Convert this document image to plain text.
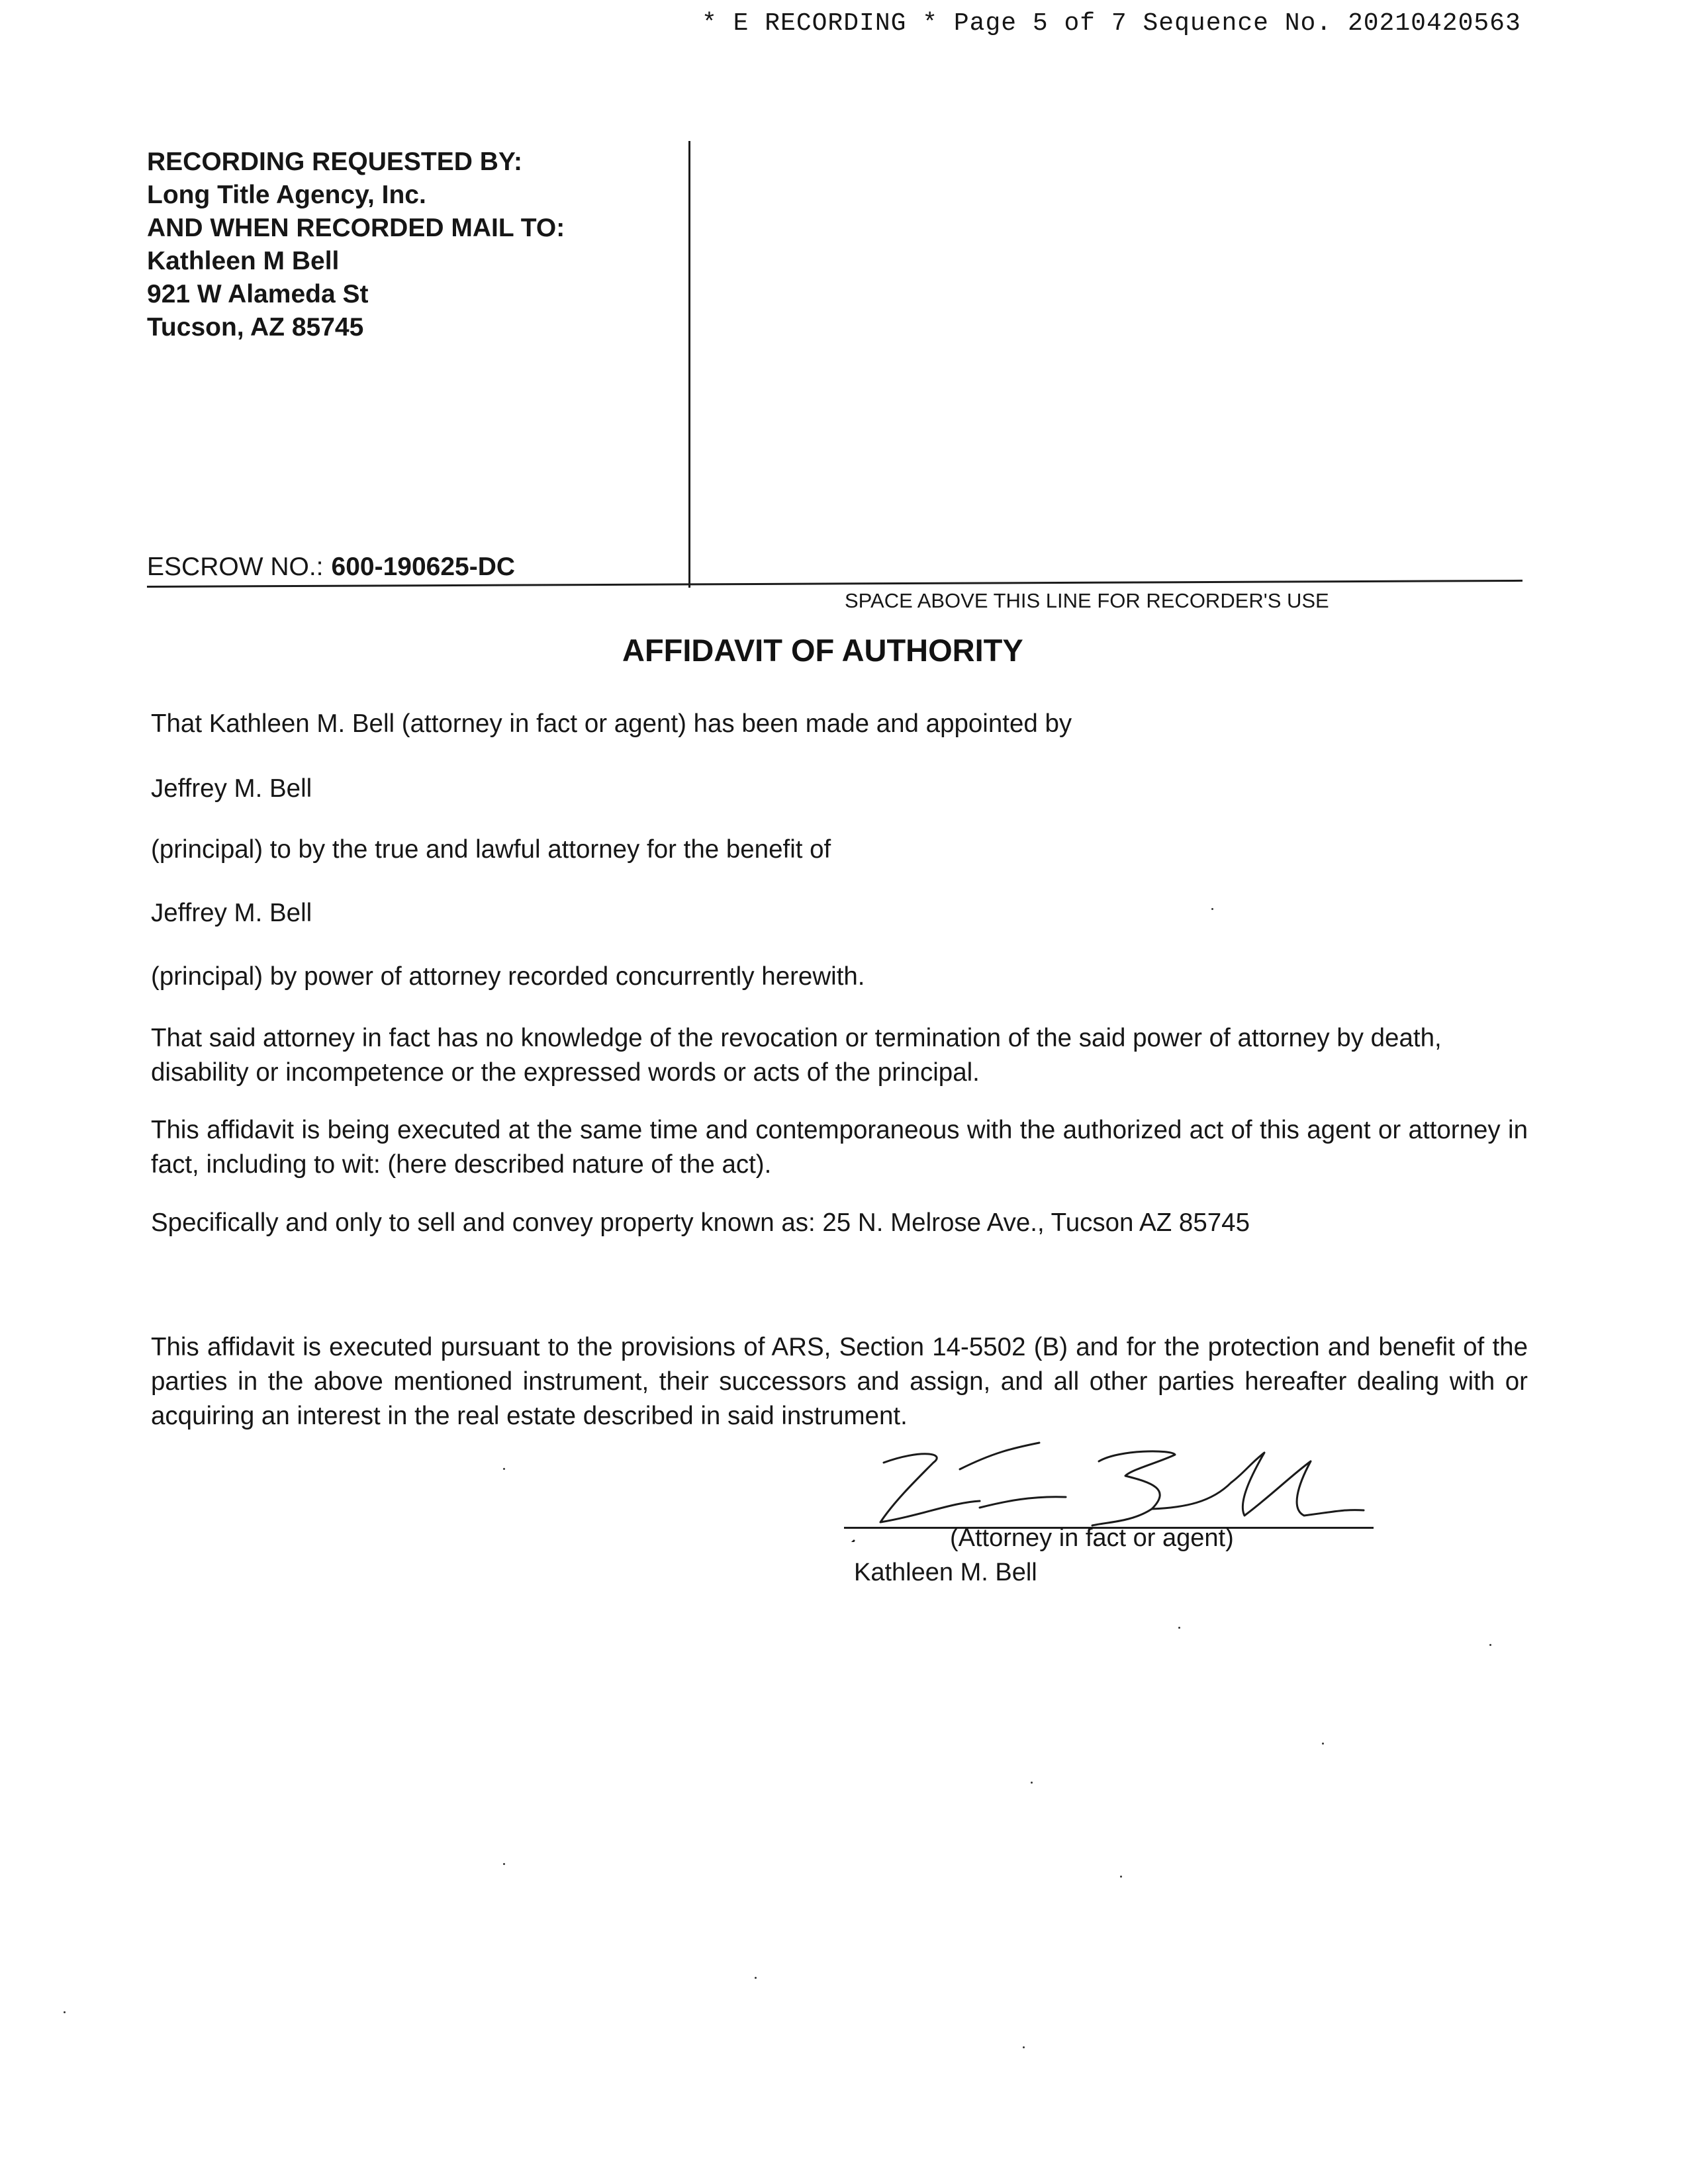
* E RECORDING * Page 5 of 7 Sequence No. 20210420563
RECORDING REQUESTED BY:
Long Title Agency, Inc.
AND WHEN RECORDED MAIL TO:
Kathleen M Bell
921 W Alameda St
Tucson, AZ 85745
ESCROW NO.: 600-190625-DC
SPACE ABOVE THIS LINE FOR RECORDER'S USE
AFFIDAVIT OF AUTHORITY
That Kathleen M. Bell (attorney in fact or agent) has been made and appointed by
Jeffrey M. Bell
(principal) to by the true and lawful attorney for the benefit of
Jeffrey M. Bell
(principal) by power of attorney recorded concurrently herewith.
That said attorney in fact has no knowledge of the revocation or termination of the said power of attorney by death, disability or incompetence or the expressed words or acts of the principal.
This affidavit is being executed at the same time and contemporaneous with the authorized act of this agent or attorney in fact, including to wit: (here described nature of the act).
Specifically and only to sell and convey property known as: 25 N. Melrose Ave., Tucson AZ 85745
This affidavit is executed pursuant to the provisions of ARS, Section 14-5502 (B) and for the protection and benefit of the parties in the above mentioned instrument, their successors and assign, and all other parties hereafter dealing with or acquiring an interest in the real estate described in said instrument.
(Attorney in fact or agent)
Kathleen M. Bell
